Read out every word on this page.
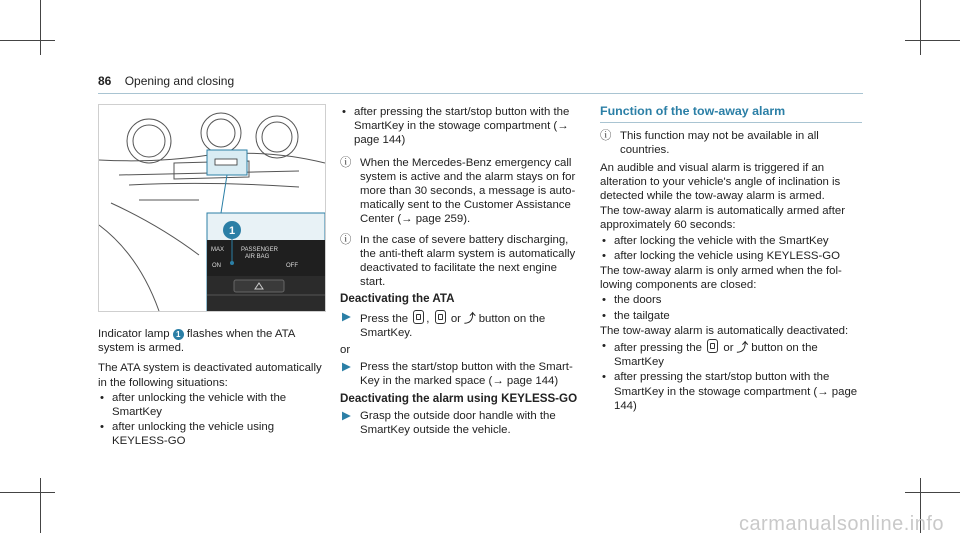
86 Opening and closing
1
MAX
ON
PASSENGER
AIR BAG
OFF

Indicator lamp 1 flashes when the ATA system is armed.

The ATA system is deactivated automatically in the following situations:

• after unlocking the vehicle with the SmartKey
• after unlocking the vehicle using KEYLESS-GO
• after pressing the start/stop button with the SmartKey in the stowage compartment (→ page 144)
ⓘ When the Mercedes-Benz emergency call system is active and the alarm stays on for more than 30 seconds, a message is automatically sent to the Customer Assistance Center (→ page 259).
ⓘ In the case of severe battery discharging, the anti-theft alarm system is automatically deactivated to facilitate the next engine start.
Deactivating the ATA
▶ Press the , or ⤴ button on the SmartKey.

or

▶ Press the start/stop button with the SmartKey in the marked space (→ page 144)
Deactivating the alarm using KEYLESS-GO
▶ Grasp the outside door handle with the SmartKey outside the vehicle.
Function of the tow-away alarm
ⓘ This function may not be available in all countries.

An audible and visual alarm is triggered if an alteration to your vehicle's angle of inclination is detected while the tow-away alarm is armed.

The tow-away alarm is automatically armed after approximately 60 seconds:

• after locking the vehicle with the SmartKey
• after locking the vehicle using KEYLESS-GO

The tow-away alarm is only armed when the following components are closed:

• the doors
• the tailgate

The tow-away alarm is automatically deactivated:

• after pressing the or ⤴ button on the SmartKey
• after pressing the start/stop button with the SmartKey in the stowage compartment (→ page 144)
carmanualsonline.info
